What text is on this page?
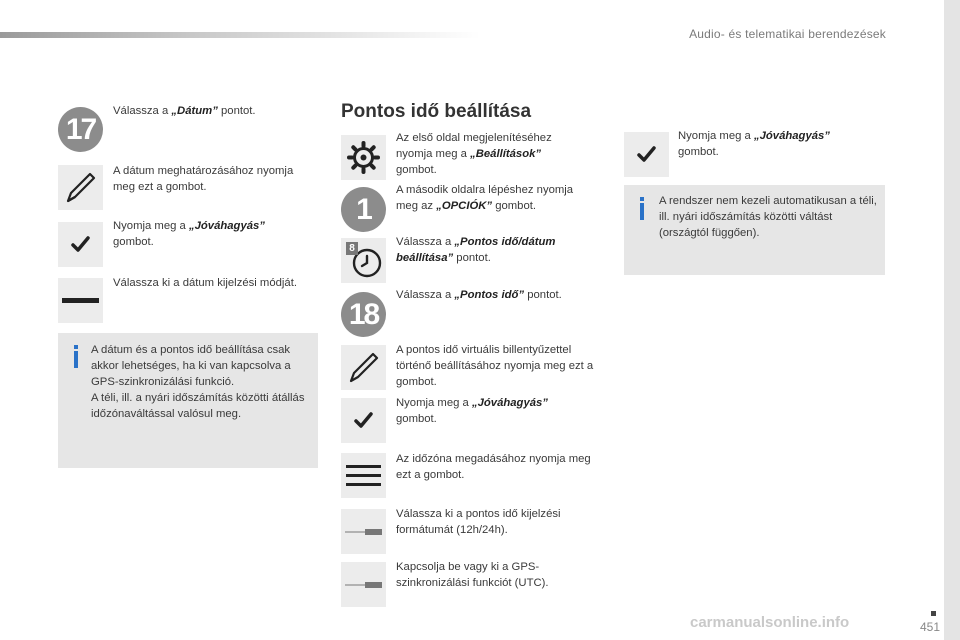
Audio- és telematikai berendezések
17
Válassza a „Dátum” pontot.
A dátum meghatározásához nyomja meg ezt a gombot.
Nyomja meg a „Jóváhagyás”
gombot.
Válassza ki a dátum kijelzési módját.
A dátum és a pontos idő beállítása csak akkor lehetséges, ha ki van kapcsolva a GPS-szinkronizálási funkció.
A téli, ill. a nyári időszámítás közötti átállás időzónaváltással valósul meg.
Pontos idő beállítása
Az első oldal megjelenítéséhez nyomja meg a „Beállítások”
gombot.
1
A második oldalra lépéshez nyomja meg az „OPCIÓK” gombot.
8
Válassza a „Pontos idő/dátum beállítása” pontot.
18
Válassza a „Pontos idő” pontot.
A pontos idő virtuális billentyűzettel történő beállításához nyomja meg ezt a gombot.
Nyomja meg a „Jóváhagyás”
gombot.
Az időzóna megadásához nyomja meg ezt a gombot.
Válassza ki a pontos idő kijelzési formátumát (12h/24h).
Kapcsolja be vagy ki a GPS-szinkronizálási funkciót (UTC).
Nyomja meg a „Jóváhagyás”
gombot.
A rendszer nem kezeli automatikusan a téli, ill. nyári időszámítás közötti váltást (országtól függően).
451
carmanualsonline.info
